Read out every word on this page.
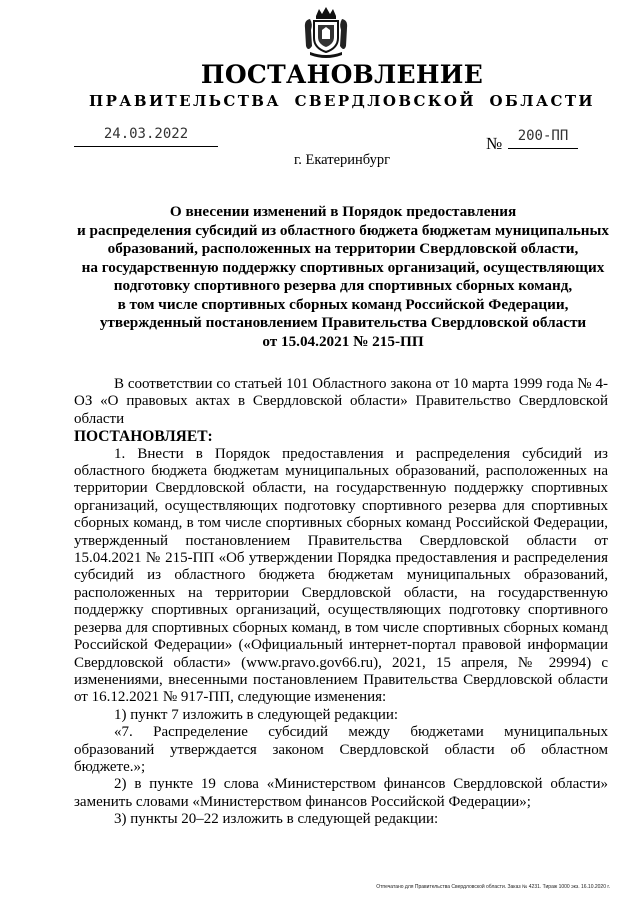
ПОСТАНОВЛЕНИЕ
ПРАВИТЕЛЬСТВА СВЕРДЛОВСКОЙ ОБЛАСТИ
24.03.2022	№	200-ПП
г. Екатеринбург
О внесении изменений в Порядок предоставления
и распределения субсидий из областного бюджета бюджетам муниципальных
образований, расположенных на территории Свердловской области,
на государственную поддержку спортивных организаций, осуществляющих
подготовку спортивного резерва для спортивных сборных команд,
в том числе спортивных сборных команд Российской Федерации,
утвержденный постановлением Правительства Свердловской области
от 15.04.2021 № 215-ПП

В соответствии со статьей 101 Областного закона от 10 марта 1999 года № 4-ОЗ «О правовых актах в Свердловской области» Правительство Свердловской области

ПОСТАНОВЛЯЕТ:

1. Внести в Порядок предоставления и распределения субсидий из областного бюджета бюджетам муниципальных образований, расположенных на территории Свердловской области, на государственную поддержку спортивных организаций, осуществляющих подготовку спортивного резерва для спортивных сборных команд, в том числе спортивных сборных команд Российской Федерации, утвержденный постановлением Правительства Свердловской области от 15.04.2021 № 215-ПП «Об утверждении Порядка предоставления и распределения субсидий из областного бюджета бюджетам муниципальных образований, расположенных на территории Свердловской области, на государственную поддержку спортивных организаций, осуществляющих подготовку спортивного резерва для спортивных сборных команд, в том числе спортивных сборных команд Российской Федерации» («Официальный интернет-портал правовой информации Свердловской области» (www.pravo.gov66.ru), 2021, 15 апреля, № 29994) с изменениями, внесенными постановлением Правительства Свердловской области от 16.12.2021 № 917-ПП, следующие изменения:

1) пункт 7 изложить в следующей редакции:

«7. Распределение субсидий между бюджетами муниципальных образований утверждается законом Свердловской области об областном бюджете.»;

2) в пункте 19 слова «Министерством финансов Свердловской области» заменить словами «Министерством финансов Российской Федерации»;

3) пункты 20–22 изложить в следующей редакции:

Отпечатано для Правительства Свердловской области. Заказ № 4231. Тираж 1000 экз. 16.10.2020 г.
